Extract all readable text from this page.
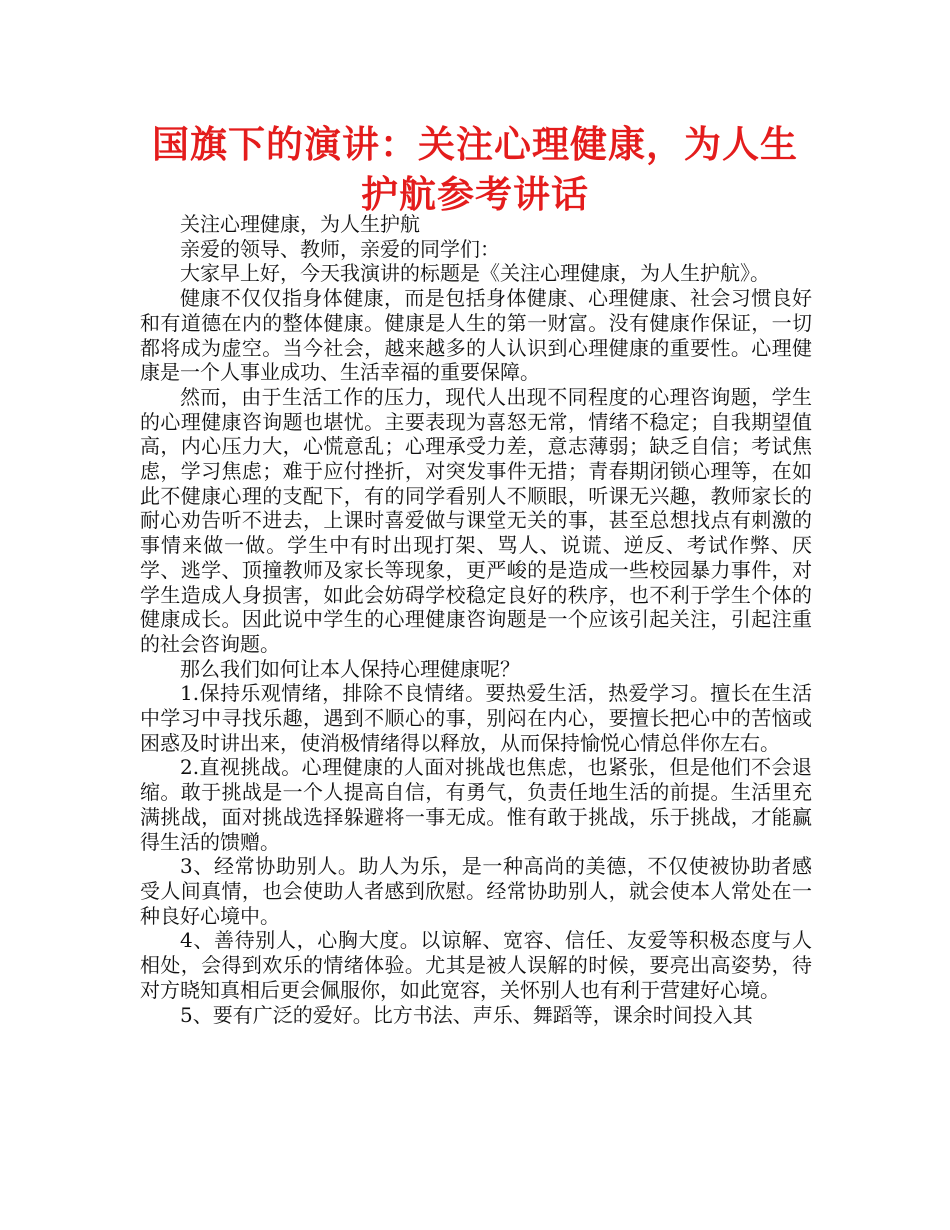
国旗下的演讲：关注心理健康，为人生护航参考讲话

关注心理健康，为人生护航

亲爱的领导、教师，亲爱的同学们：

大家早上好，今天我演讲的标题是《关注心理健康，为人生护航》。

健康不仅仅指身体健康，而是包括身体健康、心理健康、社会习惯良好和有道德在内的整体健康。健康是人生的第一财富。没有健康作保证，一切都将成为虚空。当今社会，越来越多的人认识到心理健康的重要性。心理健康是一个人事业成功、生活幸福的重要保障。

然而，由于生活工作的压力，现代人出现不同程度的心理咨询题，学生的心理健康咨询题也堪忧。主要表现为喜怒无常，情绪不稳定；自我期望值高，内心压力大，心慌意乱；心理承受力差，意志薄弱；缺乏自信；考试焦虑，学习焦虑；难于应付挫折，对突发事件无措；青春期闭锁心理等，在如此不健康心理的支配下，有的同学看别人不顺眼，听课无兴趣，教师家长的耐心劝告听不进去，上课时喜爱做与课堂无关的事，甚至总想找点有刺激的事情来做一做。学生中有时出现打架、骂人、说谎、逆反、考试作弊、厌学、逃学、顶撞教师及家长等现象，更严峻的是造成一些校园暴力事件，对学生造成人身损害，如此会妨碍学校稳定良好的秩序，也不利于学生个体的健康成长。因此说中学生的心理健康咨询题是一个应该引起关注，引起注重的社会咨询题。

那么我们如何让本人保持心理健康呢？

1.保持乐观情绪，排除不良情绪。要热爱生活，热爱学习。擅长在生活中学习中寻找乐趣，遇到不顺心的事，别闷在内心，要擅长把心中的苦恼或困惑及时讲出来，使消极情绪得以释放，从而保持愉悦心情总伴你左右。

2.直视挑战。心理健康的人面对挑战也焦虑，也紧张，但是他们不会退缩。敢于挑战是一个人提高自信，有勇气，负责任地生活的前提。生活里充满挑战，面对挑战选择躲避将一事无成。惟有敢于挑战，乐于挑战，才能赢得生活的馈赠。

3、经常协助别人。助人为乐，是一种高尚的美德，不仅使被协助者感受人间真情，也会使助人者感到欣慰。经常协助别人，就会使本人常处在一种良好心境中。

4、善待别人，心胸大度。以谅解、宽容、信任、友爱等积极态度与人相处，会得到欢乐的情绪体验。尤其是被人误解的时候，要亮出高姿势，待对方晓知真相后更会佩服你，如此宽容，关怀别人也有利于营建好心境。

5、要有广泛的爱好。比方书法、声乐、舞蹈等，课余时间投入其
